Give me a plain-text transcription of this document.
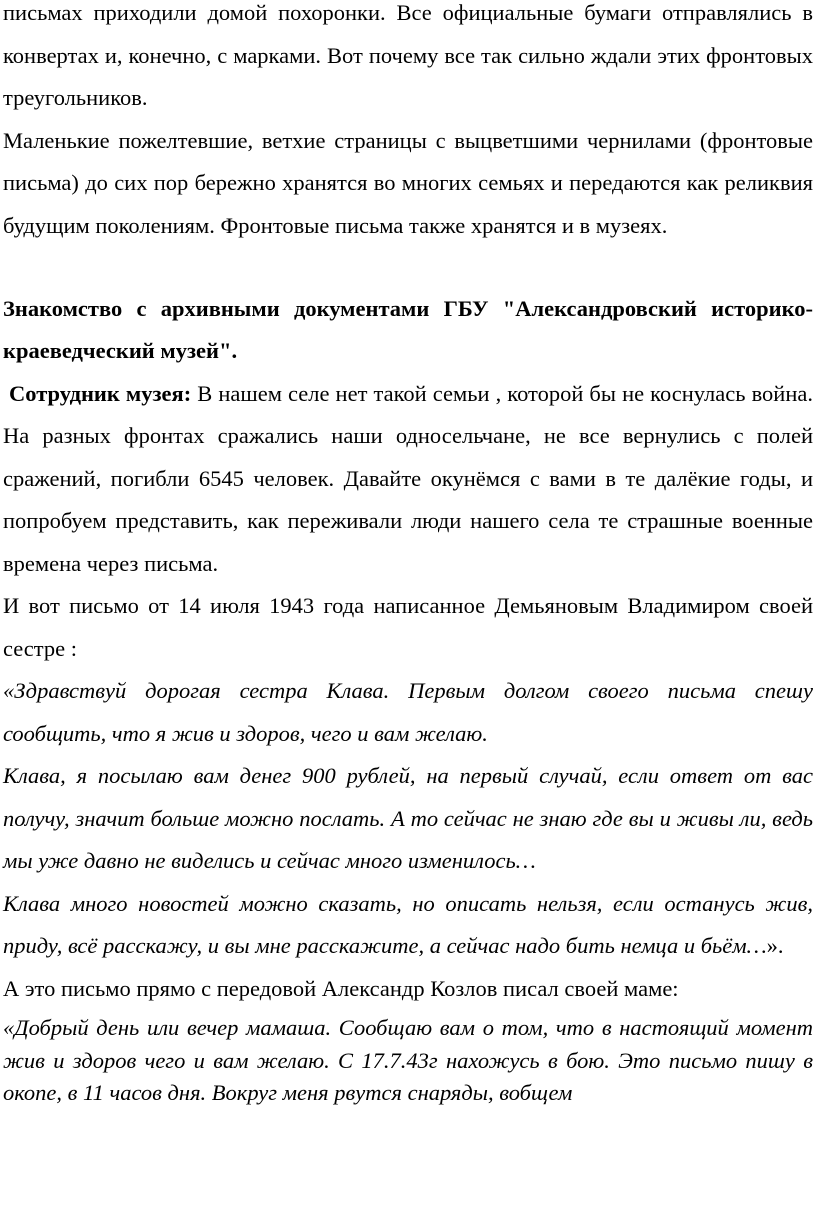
письмах приходили домой похоронки. Все официальные бумаги отправлялись в конвертах и, конечно, с марками. Вот почему все так сильно ждали этих фронтовых треугольников.

Маленькие пожелтевшие, ветхие страницы с выцветшими чернилами (фронтовые письма) до сих пор бережно хранятся во многих семьях и передаются как реликвия будущим поколениям. Фронтовые письма также хранятся и в музеях.

Знакомство с архивными документами ГБУ "Александровский историко-краеведческий музей".

Сотрудник музея: В нашем селе нет такой семьи , которой бы не коснулась война. На разных фронтах сражались наши односельчане, не все вернулись с полей сражений, погибли 6545 человек. Давайте окунёмся с вами в те далёкие годы, и попробуем представить, как переживали люди нашего села те страшные военные времена через письма.

И вот письмо от 14 июля 1943 года написанное Демьяновым Владимиром своей сестре :

«Здравствуй дорогая сестра Клава. Первым долгом своего письма спешу сообщить, что я жив и здоров, чего и вам желаю.

Клава, я посылаю вам денег 900 рублей, на первый случай, если ответ от вас получу, значит больше можно послать. А то сейчас не знаю где вы и живы ли, ведь мы уже давно не виделись и сейчас много изменилось…

Клава много новостей можно сказать, но описать нельзя, если останусь жив, приду, всё расскажу, и вы мне расскажите, а сейчас надо бить немца и бьём…».

А это письмо прямо с передовой Александр Козлов писал своей маме:

«Добрый день или вечер мамаша. Сообщаю вам о том, что в настоящий момент жив и здоров чего и вам желаю. С 17.7.43г нахожусь в бою. Это письмо пишу в окопе, в 11 часов дня. Вокруг меня рвутся снаряды, вобщем
